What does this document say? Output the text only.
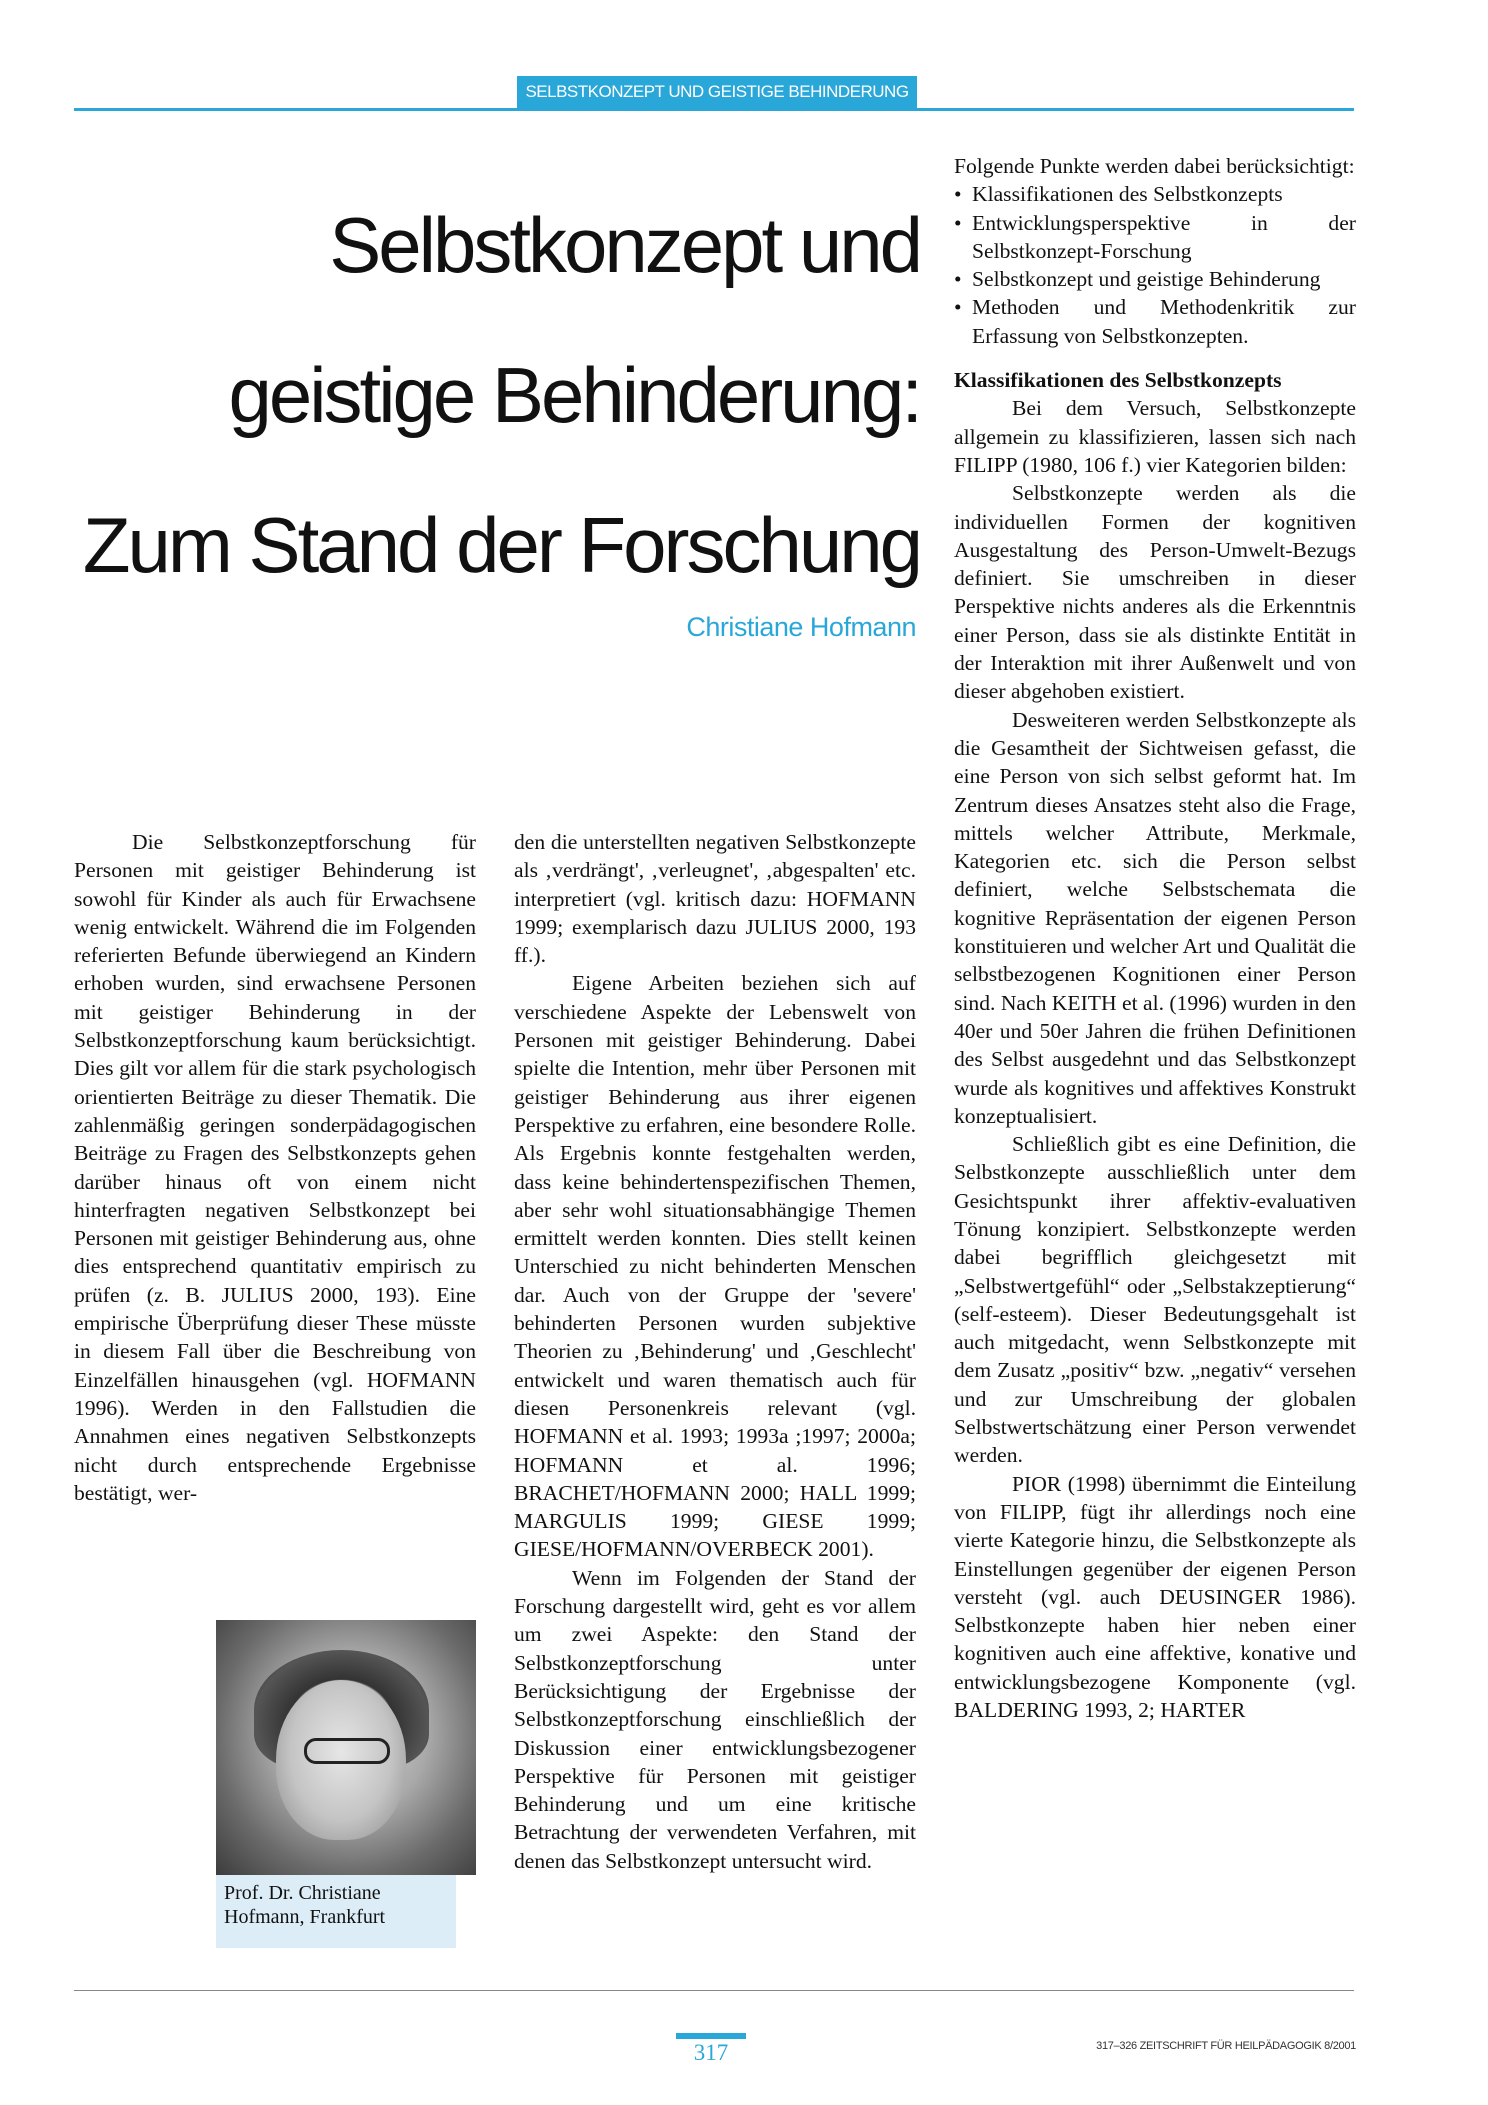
SELBSTKONZEPT UND GEISTIGE BEHINDERUNG
Selbstkonzept und
geistige Behinderung:
Zum Stand der Forschung
Christiane Hofmann

Die Selbstkonzeptforschung für Personen mit geistiger Behinderung ist sowohl für Kinder als auch für Erwachsene wenig entwickelt. Während die im Folgenden referierten Befunde überwiegend an Kindern erhoben wurden, sind erwachsene Personen mit geistiger Behinderung in der Selbstkonzeptforschung kaum berücksichtigt. Dies gilt vor allem für die stark psychologisch orientierten Beiträge zu dieser Thematik. Die zahlenmäßig geringen sonderpädagogischen Beiträge zu Fragen des Selbstkonzepts gehen darüber hinaus oft von einem nicht hinterfragten negativen Selbstkonzept bei Personen mit geistiger Behinderung aus, ohne dies entsprechend quantitativ empirisch zu prüfen (z. B. JULIUS 2000, 193). Eine empirische Überprüfung dieser These müsste in diesem Fall über die Beschreibung von Einzelfällen hinausgehen (vgl. HOFMANN 1996). Werden in den Fallstudien die Annahmen eines negativen Selbstkonzepts nicht durch entsprechende Ergebnisse bestätigt, wer-

Prof. Dr. Christiane Hofmann, Frankfurt

den die unterstellten negativen Selbstkonzepte als ‚verdrängt', ‚verleugnet', ‚abgespalten' etc. interpretiert (vgl. kritisch dazu: HOFMANN 1999; exemplarisch dazu JULIUS 2000, 193 ff.).

Eigene Arbeiten beziehen sich auf verschiedene Aspekte der Lebenswelt von Personen mit geistiger Behinderung. Dabei spielte die Intention, mehr über Personen mit geistiger Behinderung aus ihrer eigenen Perspektive zu erfahren, eine besondere Rolle. Als Ergebnis konnte festgehalten werden, dass keine behindertenspezifischen Themen, aber sehr wohl situationsabhängige Themen ermittelt werden konnten. Dies stellt keinen Unterschied zu nicht behinderten Menschen dar. Auch von der Gruppe der 'severe' behinderten Personen wurden subjektive Theorien zu ‚Behinderung' und ‚Geschlecht' entwickelt und waren thematisch auch für diesen Personenkreis relevant (vgl. HOFMANN et al. 1993; 1993a ;1997; 2000a; HOFMANN et al. 1996; BRACHET/HOFMANN 2000; HALL 1999; MARGULIS 1999; GIESE 1999; GIESE/HOFMANN/OVERBECK 2001).

Wenn im Folgenden der Stand der Forschung dargestellt wird, geht es vor allem um zwei Aspekte: den Stand der Selbstkonzeptforschung unter Berücksichtigung der Ergebnisse der Selbstkonzeptforschung einschließlich der Diskussion einer entwicklungsbezogener Perspektive für Personen mit geistiger Behinderung und um eine kritische Betrachtung der verwendeten Verfahren, mit denen das Selbstkonzept untersucht wird.

Folgende Punkte werden dabei berücksichtigt:

• Klassifikationen des Selbstkonzepts
• Entwicklungsperspektive in der Selbstkonzept-Forschung
• Selbstkonzept und geistige Behinderung
• Methoden und Methodenkritik zur Erfassung von Selbstkonzepten.

Klassifikationen des Selbstkonzepts

Bei dem Versuch, Selbstkonzepte allgemein zu klassifizieren, lassen sich nach FILIPP (1980, 106 f.) vier Kategorien bilden:

Selbstkonzepte werden als die individuellen Formen der kognitiven Ausgestaltung des Person-Umwelt-Bezugs definiert. Sie umschreiben in dieser Perspektive nichts anderes als die Erkenntnis einer Person, dass sie als distinkte Entität in der Interaktion mit ihrer Außenwelt und von dieser abgehoben existiert.

Desweiteren werden Selbstkonzepte als die Gesamtheit der Sichtweisen gefasst, die eine Person von sich selbst geformt hat. Im Zentrum dieses Ansatzes steht also die Frage, mittels welcher Attribute, Merkmale, Kategorien etc. sich die Person selbst definiert, welche Selbstschemata die kognitive Repräsentation der eigenen Person konstituieren und welcher Art und Qualität die selbstbezogenen Kognitionen einer Person sind. Nach KEITH et al. (1996) wurden in den 40er und 50er Jahren die frühen Definitionen des Selbst ausgedehnt und das Selbstkonzept wurde als kognitives und affektives Konstrukt konzeptualisiert.

Schließlich gibt es eine Definition, die Selbstkonzepte ausschließlich unter dem Gesichtspunkt ihrer affektiv-evaluativen Tönung konzipiert. Selbstkonzepte werden dabei begrifflich gleichgesetzt mit „Selbstwertgefühl“ oder „Selbstakzeptierung“ (self-esteem). Dieser Bedeutungsgehalt ist auch mitgedacht, wenn Selbstkonzepte mit dem Zusatz „positiv“ bzw. „negativ“ versehen und zur Umschreibung der globalen Selbstwertschätzung einer Person verwendet werden.

PIOR (1998) übernimmt die Einteilung von FILIPP, fügt ihr allerdings noch eine vierte Kategorie hinzu, die Selbstkonzepte als Einstellungen gegenüber der eigenen Person versteht (vgl. auch DEUSINGER 1986). Selbstkonzepte haben hier neben einer kognitiven auch eine affektive, konative und entwicklungsbezogene Komponente (vgl. BALDERING 1993, 2; HARTER

317	317–326 ZEITSCHRIFT FÜR HEILPÄDAGOGIK 8/2001
